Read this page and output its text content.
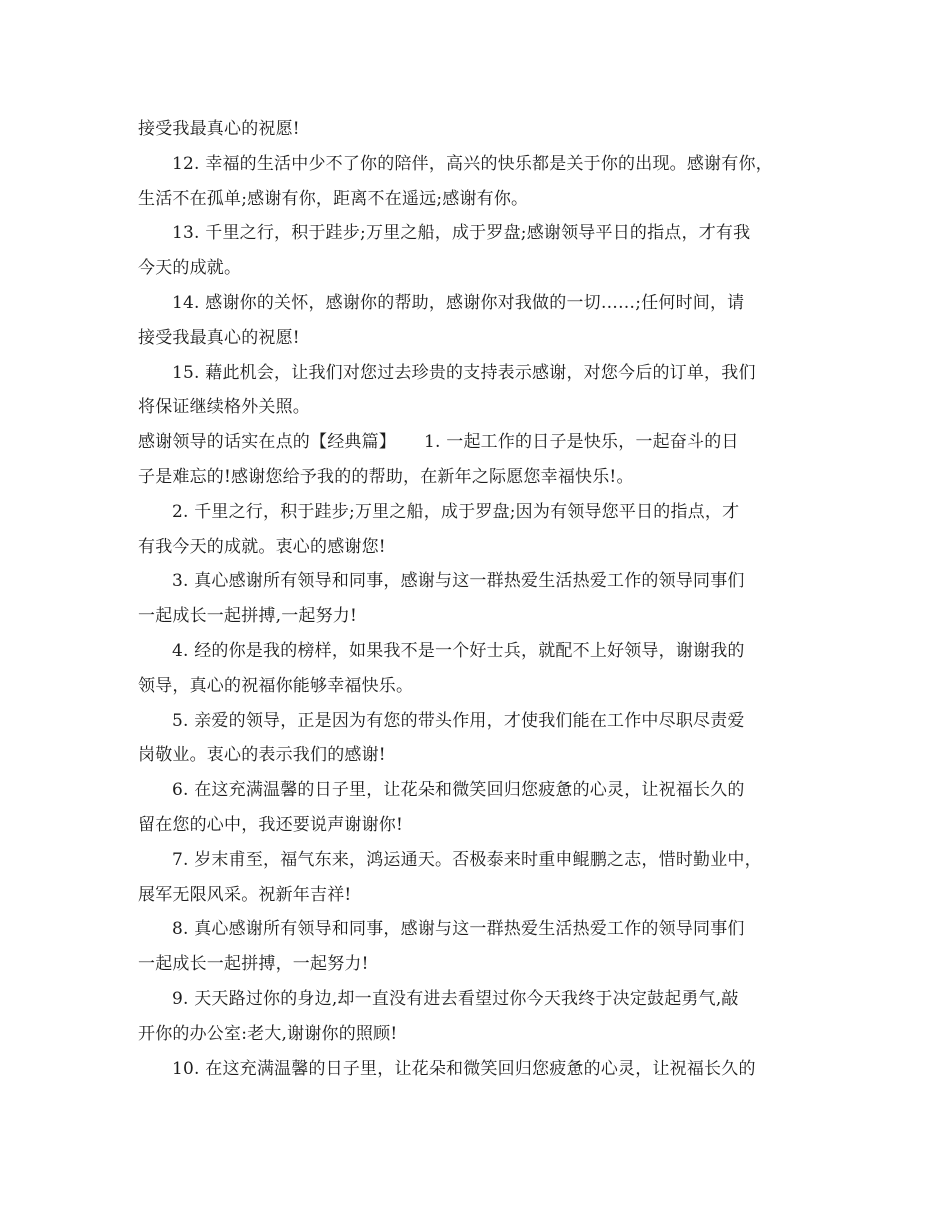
接受我最真心的祝愿!

12. 幸福的生活中少不了你的陪伴，高兴的快乐都是关于你的出现。感谢有你，
生活不在孤单;感谢有你，距离不在遥远;感谢有你。

13. 千里之行，积于跬步;万里之船，成于罗盘;感谢领导平日的指点，才有我
今天的成就。

14. 感谢你的关怀，感谢你的帮助，感谢你对我做的一切……;任何时间，请
接受我最真心的祝愿!

15. 藉此机会，让我们对您过去珍贵的支持表示感谢，对您今后的订单，我们
将保证继续格外关照。

感谢领导的话实在点的【经典篇】     1. 一起工作的日子是快乐，一起奋斗的日
子是难忘的!感谢您给予我的的帮助，在新年之际愿您幸福快乐!。

2. 千里之行，积于跬步;万里之船，成于罗盘;因为有领导您平日的指点，才
有我今天的成就。衷心的感谢您!

3. 真心感谢所有领导和同事，感谢与这一群热爱生活热爱工作的领导同事们
一起成长一起拼搏,一起努力!

4. 经的你是我的榜样，如果我不是一个好士兵，就配不上好领导，谢谢我的
领导，真心的祝福你能够幸福快乐。

5. 亲爱的领导，正是因为有您的带头作用，才使我们能在工作中尽职尽责爱
岗敬业。衷心的表示我们的感谢!

6. 在这充满温馨的日子里，让花朵和微笑回归您疲惫的心灵，让祝福长久的
留在您的心中，我还要说声谢谢你!

7. 岁末甫至，福气东来，鸿运通天。否极泰来时重申鲲鹏之志，惜时勤业中，
展军无限风采。祝新年吉祥!

8. 真心感谢所有领导和同事，感谢与这一群热爱生活热爱工作的领导同事们
一起成长一起拼搏，一起努力!

9. 天天路过你的身边,却一直没有进去看望过你今天我终于决定鼓起勇气,敲
开你的办公室:老大,谢谢你的照顾!

10. 在这充满温馨的日子里，让花朵和微笑回归您疲惫的心灵，让祝福长久的
